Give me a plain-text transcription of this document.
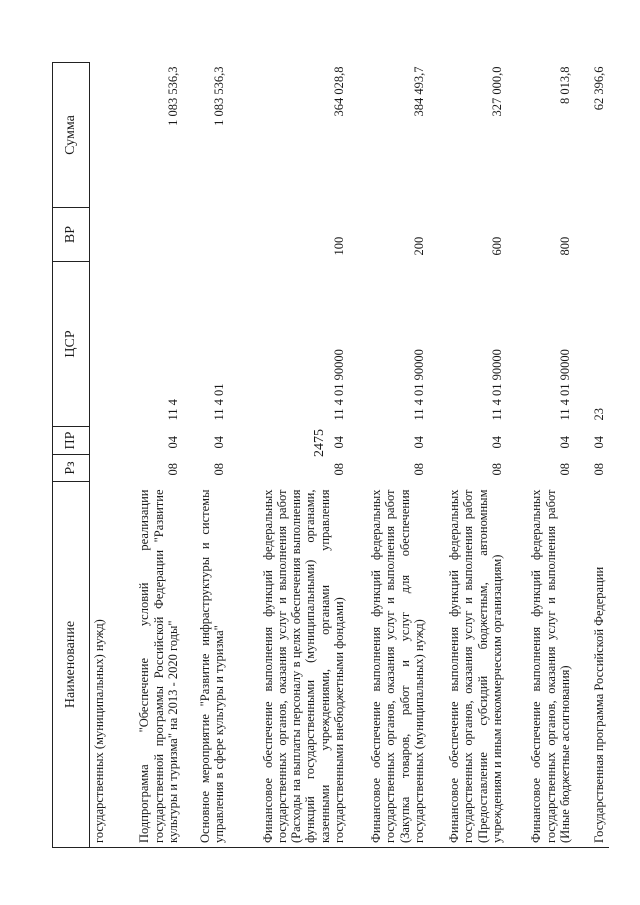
2475
Наименование	Рз	ПР	ЦСР	ВР	Сумма
государственных (муниципальных) нужд)					
Подпрограмма "Обеспечение условий реализации государственной программы Российской Федерации "Развитие культуры и туризма" на 2013 - 2020 годы"	08	04	11 4		1 083 536,3
Основное мероприятие "Развитие инфраструктуры и системы управления в сфере культуры и туризма"	08	04	11 4 01		1 083 536,3
Финансовое обеспечение выполнения функций федеральных государственных органов, оказания услуг и выполнения работ (Расходы на выплаты персоналу в целях обеспечения выполнения функций государственными (муниципальными) органами, казенными учреждениями, органами управления государственными внебюджетными фондами)	08	04	11 4 01 90000	100	364 028,8
Финансовое обеспечение выполнения функций федеральных государственных органов, оказания услуг и выполнения работ (Закупка товаров, работ и услуг для обеспечения государственных (муниципальных) нужд)	08	04	11 4 01 90000	200	384 493,7
Финансовое обеспечение выполнения функций федеральных государственных органов, оказания услуг и выполнения работ (Предоставление субсидий бюджетным, автономным учреждениям и иным некоммерческим организациям)	08	04	11 4 01 90000	600	327 000,0
Финансовое обеспечение выполнения функций федеральных государственных органов, оказания услуг и выполнения работ (Иные бюджетные ассигнования)	08	04	11 4 01 90000	800	8 013,8
Государственная программа Российской Федерации	08	04	23		62 396,6
